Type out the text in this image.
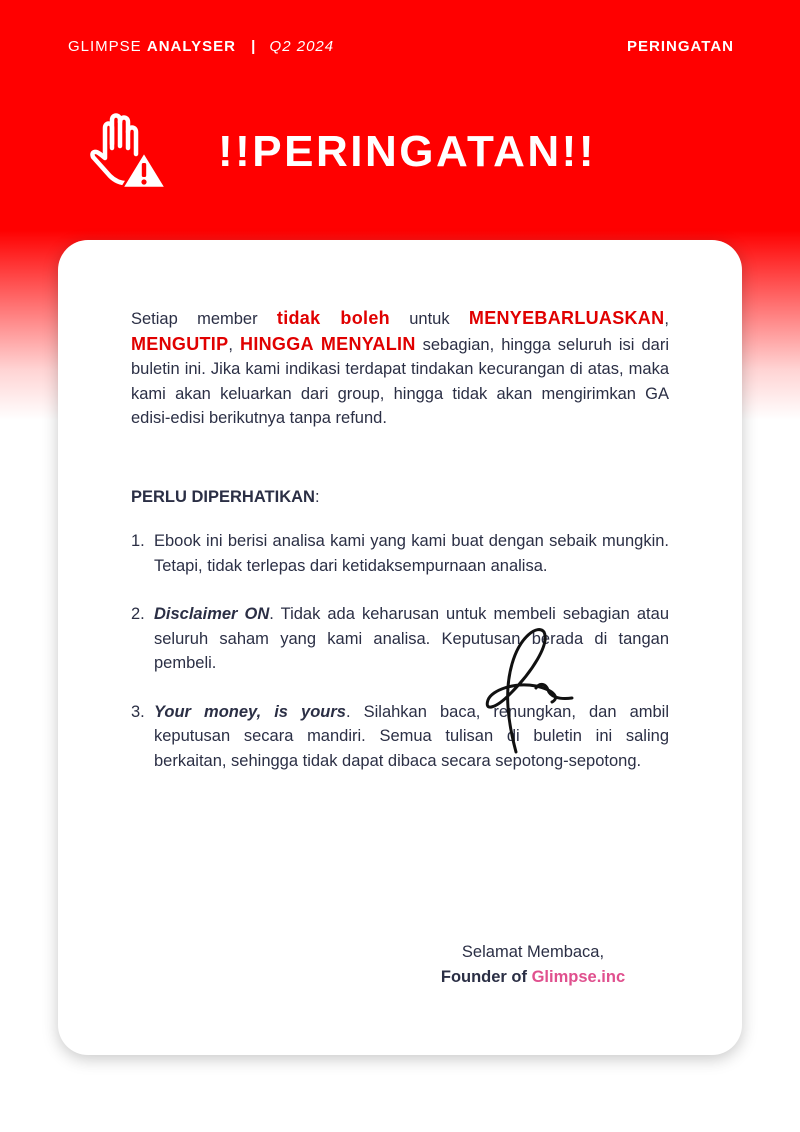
GLIMPSE ANALYSER | Q2 2024	PERINGATAN
!!PERINGATAN!!

Setiap member tidak boleh untuk MENYEBARLUASKAN, MENGUTIP, HINGGA MENYALIN sebagian, hingga seluruh isi dari buletin ini. Jika kami indikasi terdapat tindakan kecurangan di atas, maka kami akan keluarkan dari group, hingga tidak akan mengirimkan GA edisi-edisi berikutnya tanpa refund.

PERLU DIPERHATIKAN:

1. Ebook ini berisi analisa kami yang kami buat dengan sebaik mungkin. Tetapi, tidak terlepas dari ketidaksempurnaan analisa.
2. Disclaimer ON. Tidak ada keharusan untuk membeli sebagian atau seluruh saham yang kami analisa. Keputusan berada di tangan pembeli.
3. Your money, is yours. Silahkan baca, renungkan, dan ambil keputusan secara mandiri. Semua tulisan di buletin ini saling berkaitan, sehingga tidak dapat dibaca secara sepotong-sepotong.
Selamat Membaca,
Founder of Glimpse.inc
